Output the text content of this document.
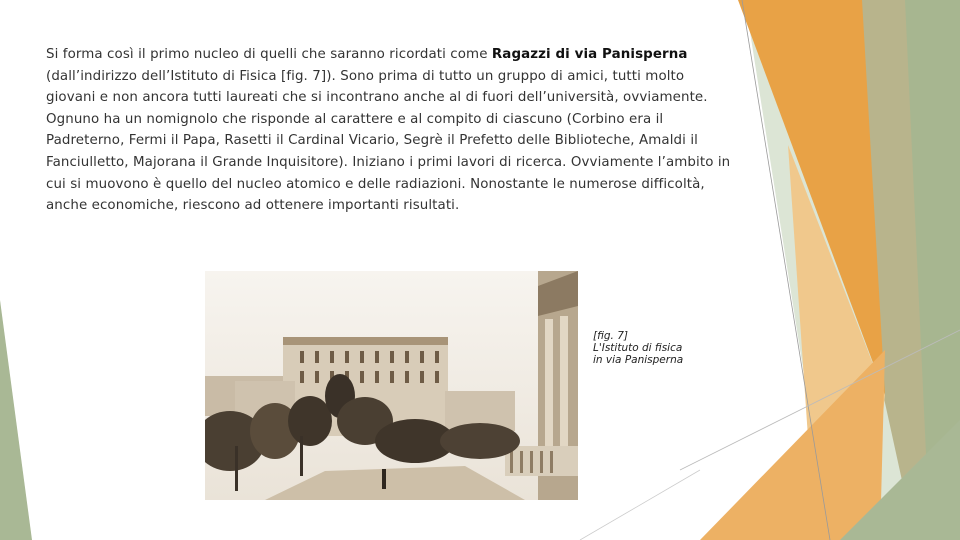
Si forma così il primo nucleo di quelli che saranno ricordati come Ragazzi di via Panisperna (dall’indirizzo dell’Istituto di Fisica [fig. 7]). Sono prima di tutto un gruppo di amici, tutti molto giovani e non ancora tutti laureati che si incontrano anche al di fuori dell’università, ovviamente. Ognuno ha un nomignolo che risponde al carattere e al compito di ciascuno (Corbino era il Padreterno, Fermi il Papa, Rasetti il Cardinal Vicario, Segrè il Prefetto delle Biblioteche, Amaldi il Fanciulletto, Majorana il Grande Inquisitore). Iniziano i primi lavori di ricerca. Ovviamente l’ambito in cui si muovono è quello del nucleo atomico e delle radiazioni. Nonostante le numerose difficoltà, anche economiche, riescono ad ottenere importanti risultati.
[fig. 7]
L'Istituto di fisica
in via Panisperna
